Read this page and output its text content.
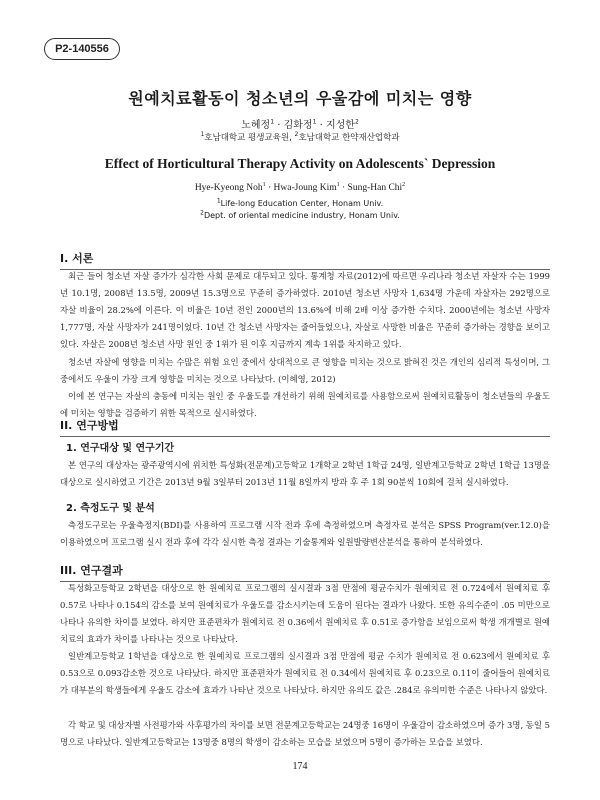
P2-140556
원예치료활동이 청소년의 우울감에 미치는 영향
노혜정$^1$ · 김화정$^1$ · 지성한$^2$
$^1$호남대학교 평생교육원, $^2$호남대학교 한약재산업학과
Effect of Horticultural Therapy Activity on Adolescents` Depression
Hye-Kyeong Noh$^1$ · Hwa-Joung Kim$^1$ · Sung-Han Chi$^2$
$^1$Life-long Education Center, Honam Univ.
$^2$Dept. of oriental medicine industry, Honam Univ.
I. 서론

최근 들어 청소년 자살 증가가 심각한 사회 문제로 대두되고 있다. 통계청 자료(2012)에 따르면 우리나라 청소년 자살자 수는 1999년 10.1명, 2008년 13.5명, 2009년 15.3명으로 꾸준히 증가하였다. 2010년 청소년 사망자 1,634명 가운데 자살자는 292명으로 자살 비율이 28.2%에 이른다. 이 비율은 10년 전인 2000년의 13.6%에 비해 2배 이상 증가한 수치다. 2000년에는 청소년 사망자 1,777명, 자살 사망자가 241명이었다. 10년 간 청소년 사망자는 줄어들었으나, 자살로 사망한 비율은 꾸준히 증가하는 경향을 보이고 있다. 자살은 2008년 청소년 사망 원인 중 1위가 된 이후 지금까지 계속 1위를 차지하고 있다.

청소년 자살에 영향을 미치는 수많은 위험 요인 중에서 상대적으로 큰 영향을 미치는 것으로 밝혀진 것은 개인의 심리적 특성이며, 그 중에서도 우울이 가장 크게 영향을 미치는 것으로 나타났다. (이혜영, 2012)

이에 본 연구는 자살의 충동에 미치는 원인 중 우울도를 개선하기 위해 원예치료를 사용함으로써 원예치료활동이 청소년들의 우울도에 미치는 영향을 검증하기 위한 목적으로 실시하였다.

II. 연구방법
1. 연구대상 및 연구기간

본 연구의 대상자는 광주광역시에 위치한 특성화(전문계)고등학교 1개학교 2학년 1학급 24명, 일반계고등학교 2학년 1학급 13명을 대상으로 실시하였고 기간은 2013년 9월 3일부터 2013년 11월 8일까지 방과 후 주 1회 90분씩 10회에 걸쳐 실시하였다.

2. 측정도구 및 분석

측정도구로는 우울측정지(BDI)를 사용하여 프로그램 시작 전과 후에 측정하였으며 측정자료 분석은 SPSS Program(ver.12.0)을 이용하였으며 프로그램 실시 전과 후에 각각 실시한 측정 결과는 기술통계와 일원발량변산분석을 통하여 분석하였다.

III. 연구결과

특성화고등학교 2학년을 대상으로 한 원예치료 프로그램의 실시결과 3점 만점에 평균수치가 원예치료 전 0.724에서 원예치료 후 0.57로 나타나 0.154의 감소를 보여 원예치료가 우울도를 감소시키는데 도움이 된다는 결과가 나왔다. 또한 유의수준이 .05 미만으로 나타나 유의한 차이를 보였다. 하지만 표준편차가 원예치료 전 0.36에서 원예치료 후 0.51로 증가함을 보임으로써 학생 개개별로 원예치료의 효과가 차이를 나타나는 것으로 나타났다.

일반계고등학교 1학년을 대상으로 한 원예치료 프로그램의 실시결과 3점 만점에 평균 수치가 원예치료 전 0.623에서 원예치료 후 0.53으로 0.093감소한 것으로 나타났다. 하지만 표준편차가 원예치료 전 0.34에서 원예치료 후 0.23으로 0.11이 줄어들어 원예치료가 대부분의 학생들에게 우울도 감소에 효과가 나타난 것으로 나타났다. 하지만 유의도 값은 .284로 유의미한 수준은 나타나지 않았다.

각 학교 및 대상자별 사전평가와 사후평가의 차이를 보면 전문계고등학교는 24명중 16명이 우울감이 감소하였으며 증가 3명, 동일 5명으로 나타났다. 일반계고등학교는 13명중 8명의 학생이 감소하는 모습을 보였으며 5명이 증가하는 모습을 보였다.

174
